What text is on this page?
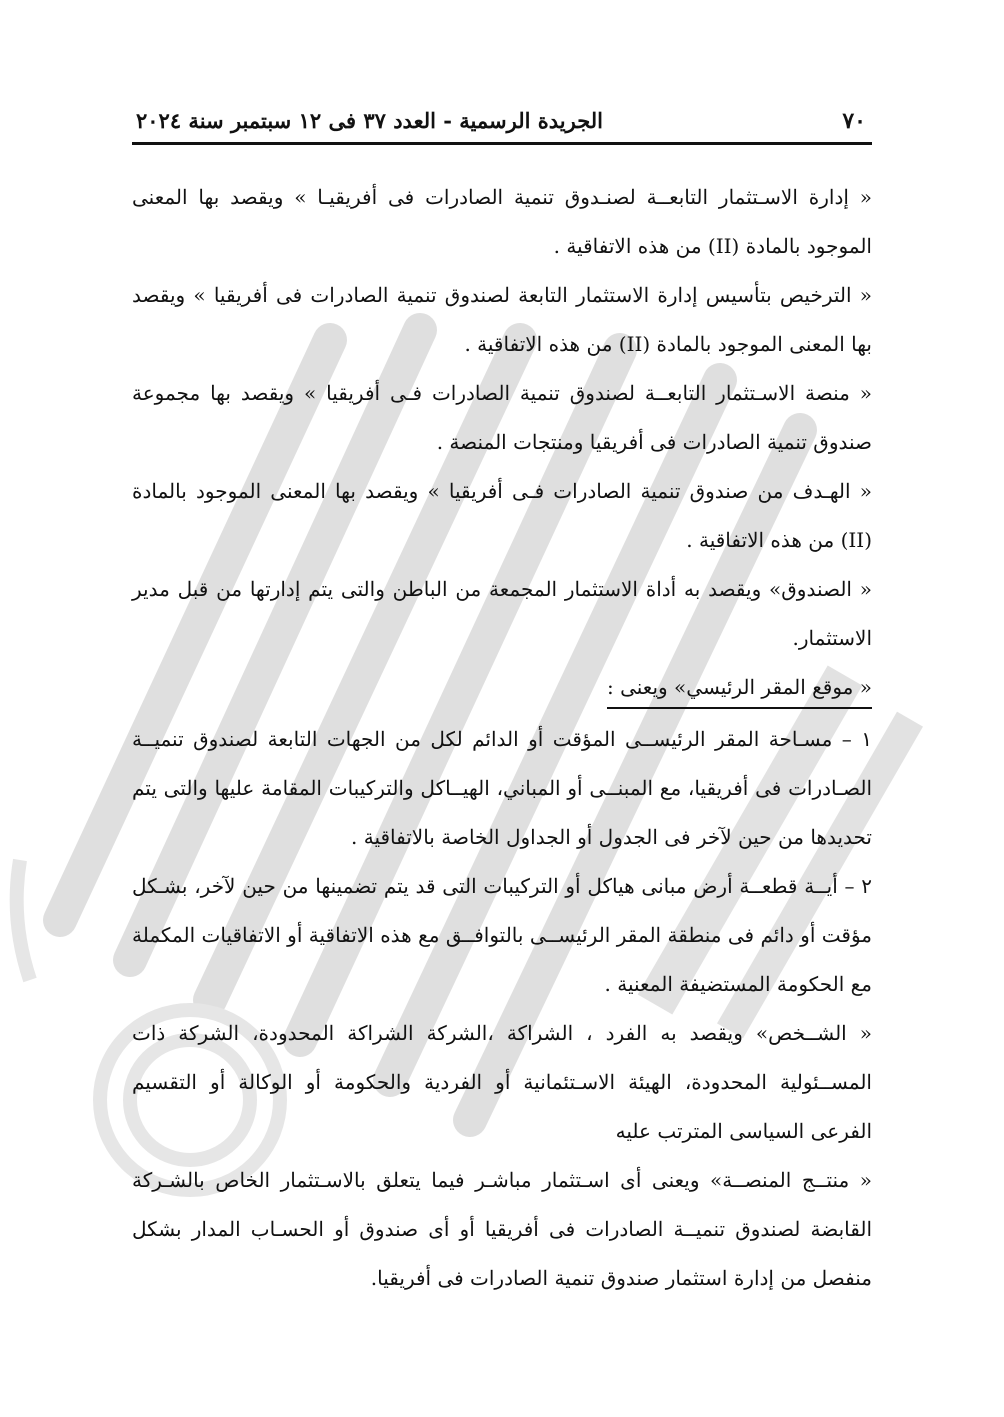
٧٠
الجريدة الرسمية - العدد ٣٧ فى ١٢ سبتمبر سنة ٢٠٢٤

« إدارة الاسـتثمار التابعــة لصنـدوق تنمية الصادرات فى أفريقيـا » ويقصد بها المعنى الموجود بالمادة (II) من هذه الاتفاقية .

« الترخيص بتأسيس إدارة الاستثمار التابعة لصندوق تنمية الصادرات فى أفريقيا » ويقصد بها المعنى الموجود بالمادة (II) من هذه الاتفاقية .

« منصة الاسـتثمار التابعــة لصندوق تنمية الصادرات فـى أفريقيا » ويقصد بها مجموعة صندوق تنمية الصادرات فى أفريقيا ومنتجات المنصة .

« الهـدف من صندوق تنمية الصادرات فـى أفريقيا » ويقصد بها المعنى الموجود بالمادة (II) من هذه الاتفاقية .

« الصندوق» ويقصد به أداة الاستثمار المجمعة من الباطن والتى يتم إدارتها من قبل مدير الاستثمار.

« موقع المقر الرئيسي» ويعنى :

١ – مسـاحة المقر الرئيســى المؤقت أو الدائم لكل من الجهات التابعة لصندوق تنميــة الصـادرات فى أفريقيا، مع المبنــى أو المباني، الهيــاكل والتركيبات المقامة عليها والتى يتم تحديدها من حين لآخر فى الجدول أو الجداول الخاصة بالاتفاقية .

٢ – أيــة قطعــة أرض مبانى هياكل أو التركيبات التى قد يتم تضمينها من حين لآخر، بشـكل مؤقت أو دائم فى منطقة المقر الرئيســى بالتوافــق مع هذه الاتفاقية أو الاتفاقيات المكملة مع الحكومة المستضيفة المعنية .

« الشــخص» ويقصد به الفرد ، الشراكة ،الشركة الشراكة المحدودة، الشركة ذات المســئولية المحدودة، الهيئة الاسـتئمانية أو الفردية والحكومة أو الوكالة أو التقسيم الفرعى السياسى المترتب عليه

« منتــج المنصــة» ويعنى أى اسـتثمار مباشـر فيما يتعلق بالاسـتثمار الخاص بالشـركة القابضة لصندوق تنميــة الصادرات فى أفريقيا أو أى صندوق أو الحسـاب المدار بشكل منفصل من إدارة استثمار صندوق تنمية الصادرات فى أفريقيا.
